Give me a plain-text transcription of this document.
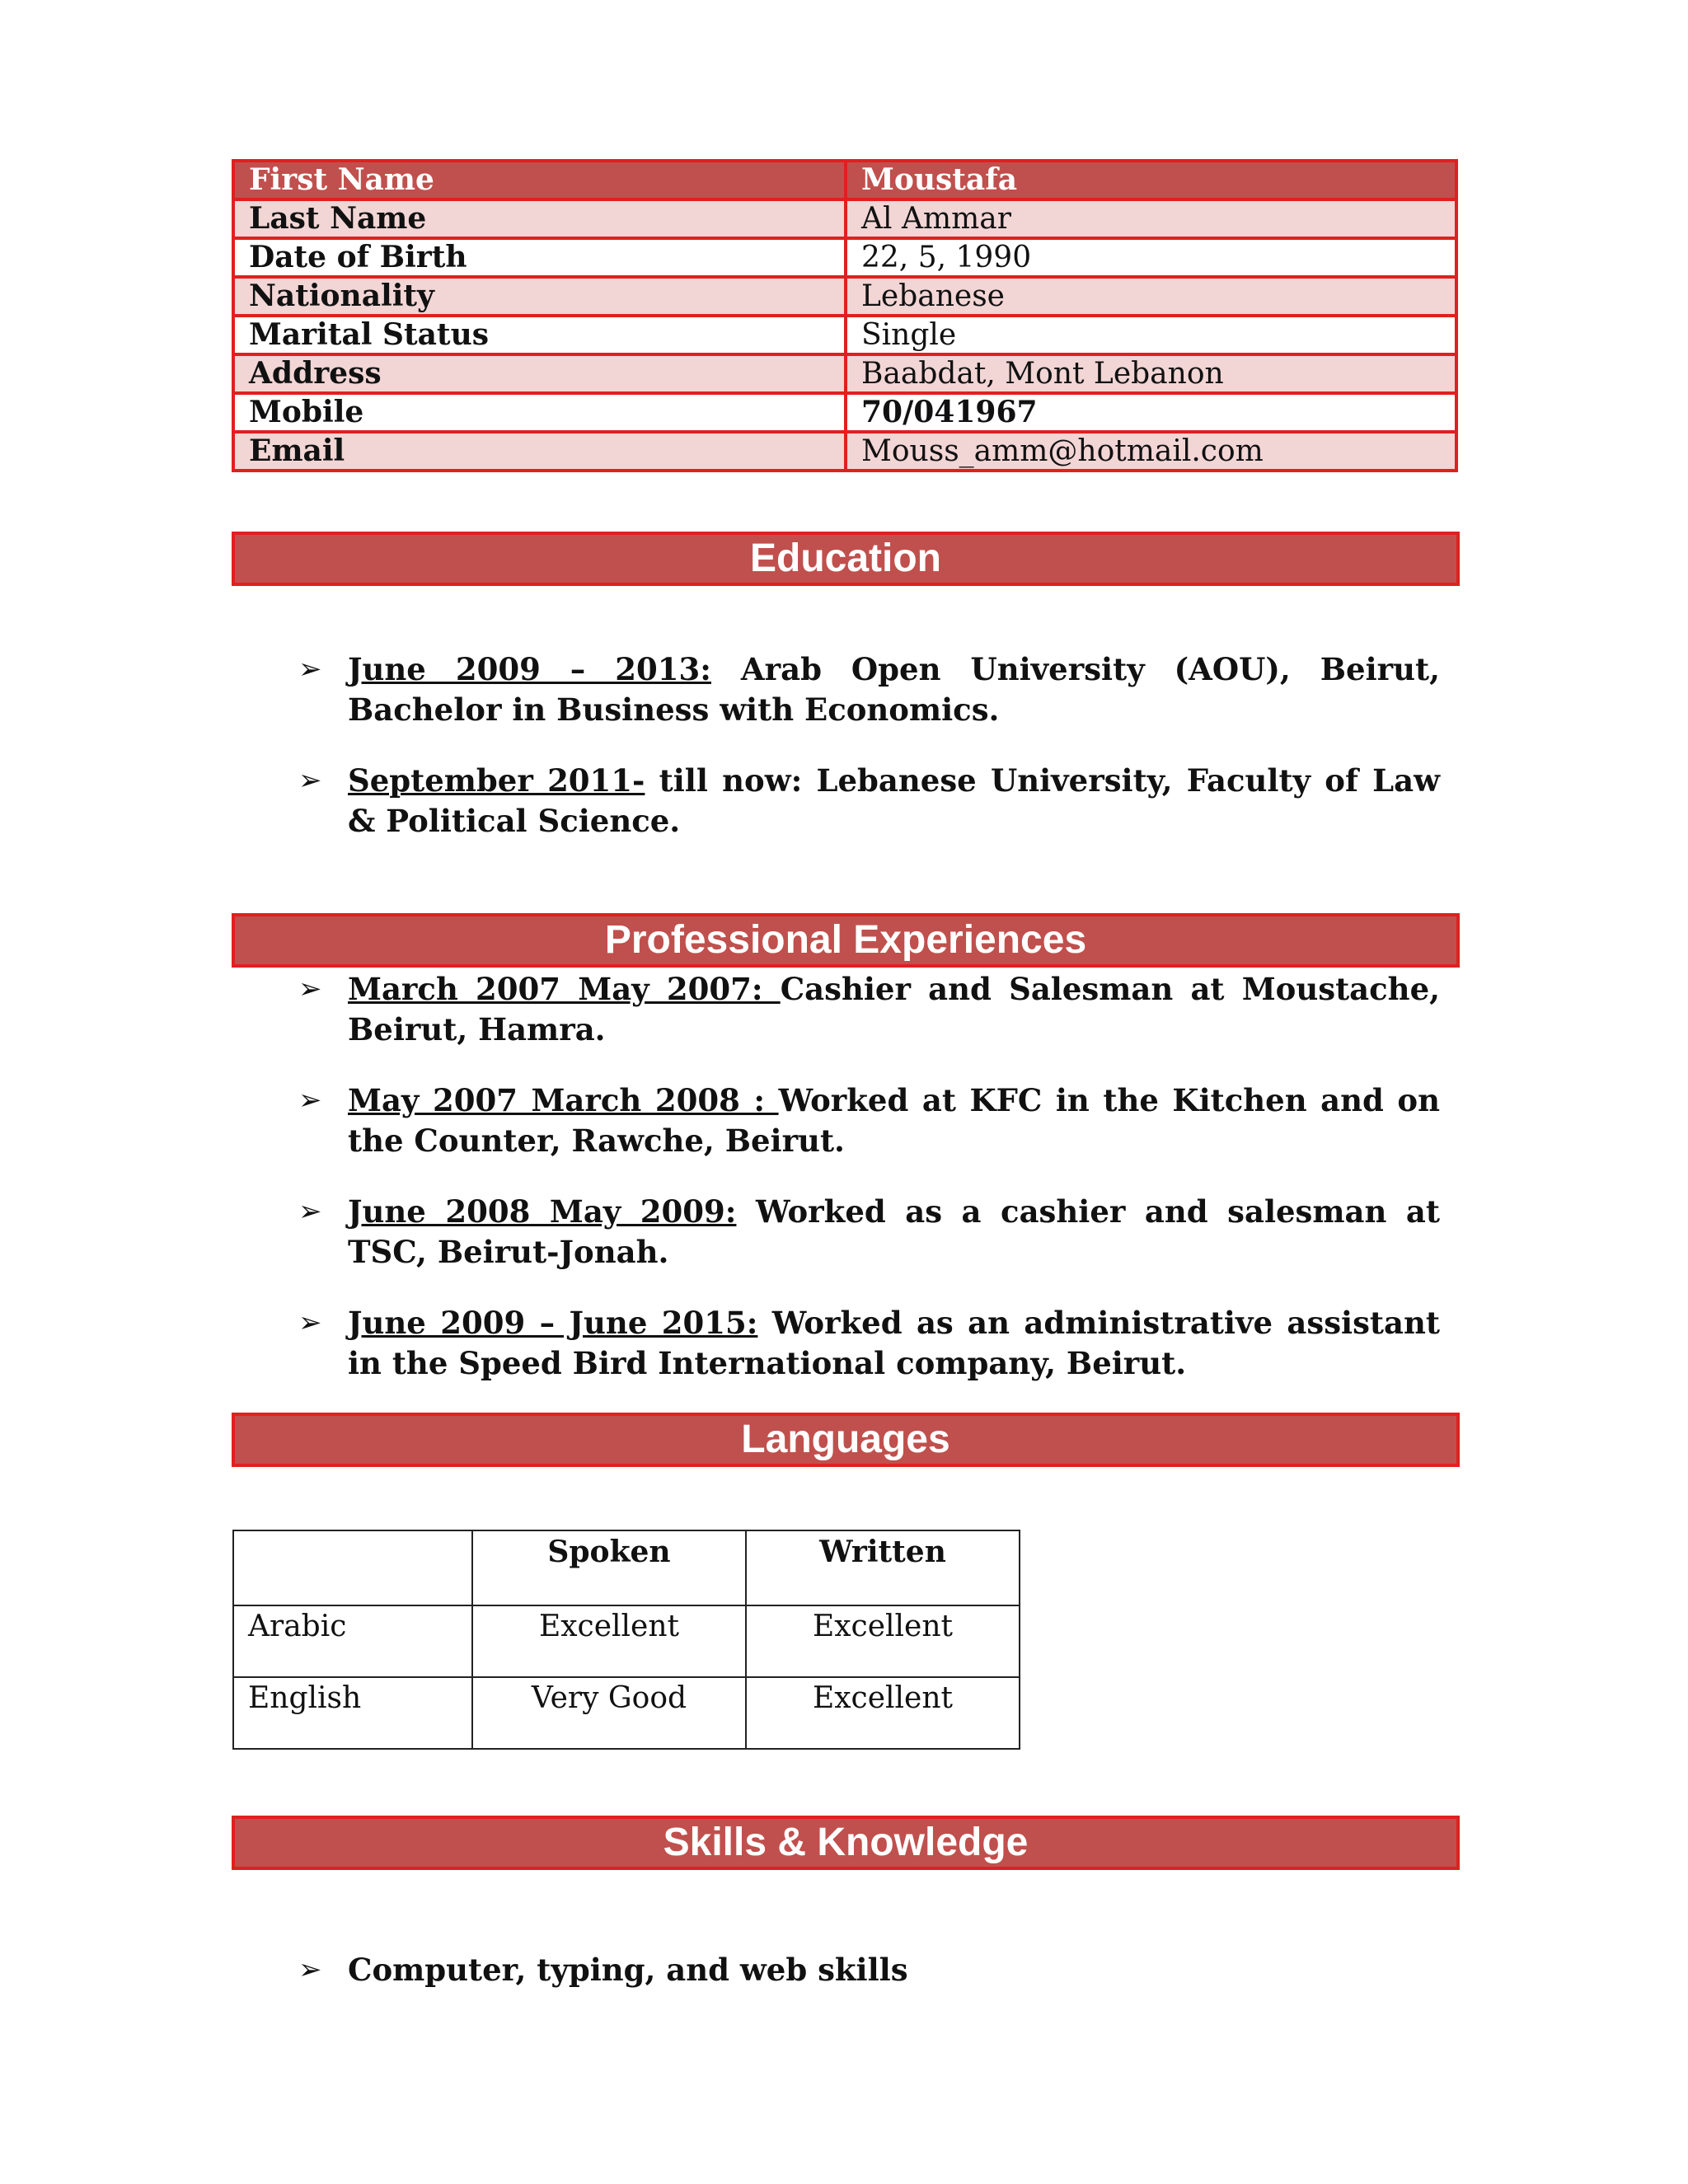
First Name	Moustafa
Last Name	Al Ammar
Date of Birth	22, 5, 1990
Nationality	Lebanese
Marital Status	Single
Address	Baabdat, Mont Lebanon
Mobile	70/041967
Email	Mouss_amm@hotmail.com
Education
➢ June 2009 – 2013: Arab Open University (AOU), Beirut, Bachelor in Business with Economics.
➢ September 2011- till now: Lebanese University, Faculty of Law & Political Science.
Professional Experiences
➢ March 2007 May 2007: Cashier and Salesman at Moustache, Beirut, Hamra.
➢ May 2007 March 2008 : Worked at KFC in the Kitchen and on the Counter, Rawche, Beirut.
➢ June 2008 May 2009: Worked as a cashier and salesman at TSC, Beirut-Jonah.
➢ June 2009 – June 2015: Worked as an administrative assistant in the Speed Bird International company, Beirut.
Languages
	Spoken	Written
Arabic	Excellent	Excellent
English	Very Good	Excellent
Skills & Knowledge
➢ Computer, typing, and web skills
